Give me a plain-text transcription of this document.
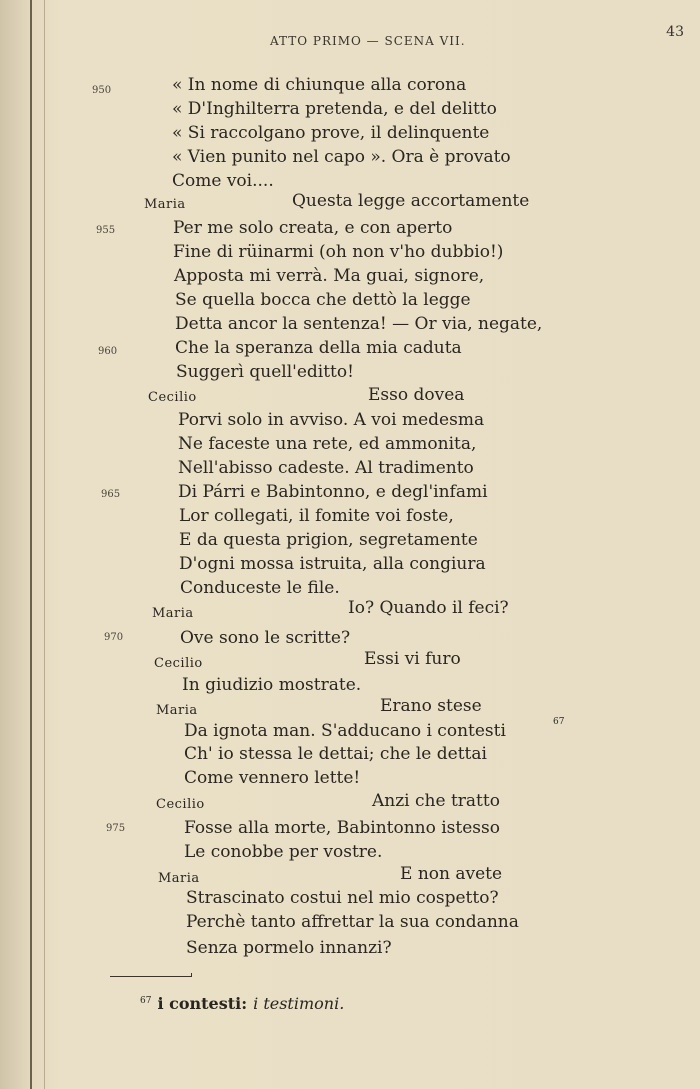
ATTO PRIMO — SCENA VII.
43
950
955
960
965
970
975
« In nome di chiunque alla corona
« D'Inghilterra pretenda, e del delitto
« Si raccolgano prove, il delinquente
« Vien punito nel capo ». Ora è provato
Come voi....
Maria	Questa legge accortamente
Per me solo creata, e con aperto
Fine di rüinarmi (oh non v'ho dubbio!)
Apposta mi verrà. Ma guai, signore,
Se quella bocca che dettò la legge
Detta ancor la sentenza! — Or via, negate,
Che la speranza della mia caduta
Suggerì quell'editto!
Cecilio	Esso dovea
Porvi solo in avviso. A voi medesma
Ne faceste una rete, ed ammonita,
Nell'abisso cadeste. Al tradimento
Di Párri e Babintonno, e degl'infami
Lor collegati, il fomite voi foste,
E da questa prigion, segretamente
D'ogni mossa istruita, alla congiura
Conduceste le file.
Maria	Io? Quando il feci?
Ove sono le scritte?
Cecilio	Essi vi furo
In giudizio mostrate.
Maria	Erano stese
Da ignota man. S'adducano i contesti	67
Ch' io stessa le dettai; che le dettai
Come vennero lette!
Cecilio	Anzi che tratto
Fosse alla morte, Babintonno istesso
Le conobbe per vostre.
Maria	E non avete
Strascinato costui nel mio cospetto?
Perchè tanto affrettar la sua condanna
Senza pormelo innanzi?
$^{67}$ i contesti: i testimoni.
